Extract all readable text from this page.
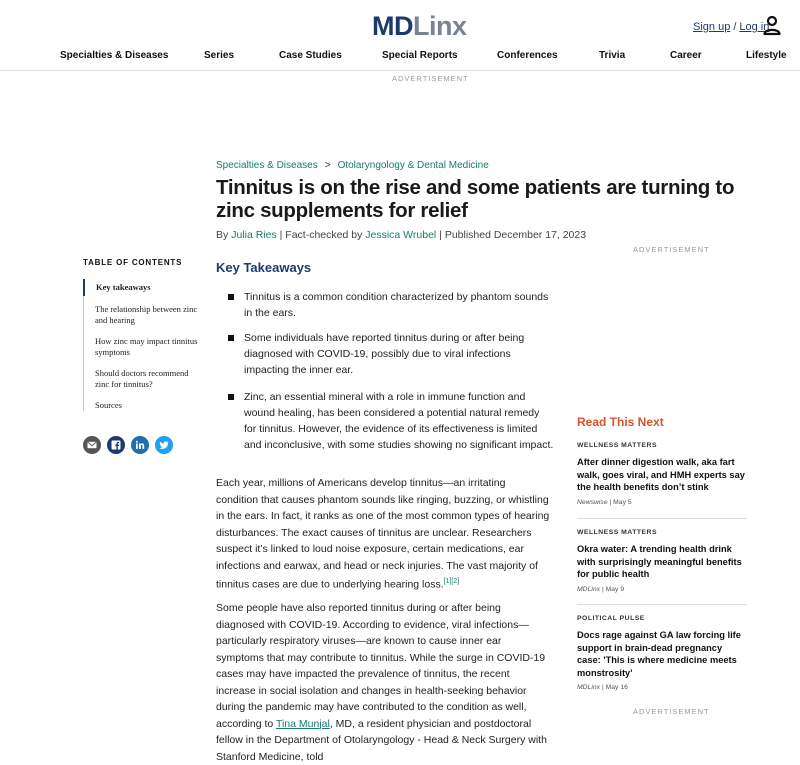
MDLinx	Sign up / Log in
Specialties & Diseases	Series	Case Studies	Special Reports	Conferences	Trivia	Career	Lifestyle
ADVERTISEMENT
Specialties & Diseases > Otolaryngology & Dental Medicine
Tinnitus is on the rise and some patients are turning to zinc supplements for relief
By Julia Ries | Fact-checked by Jessica Wrubel | Published December 17, 2023
ADVERTISEMENT
TABLE OF CONTENTS
Key takeaways
The relationship between zinc and hearing
How zinc may impact tinnitus symptoms
Should doctors recommend zinc for tinnitus?
Sources
Key Takeaways
Tinnitus is a common condition characterized by phantom sounds in the ears.
Some individuals have reported tinnitus during or after being diagnosed with COVID-19, possibly due to viral infections impacting the inner ear.
Zinc, an essential mineral with a role in immune function and wound healing, has been considered a potential natural remedy for tinnitus. However, the evidence of its effectiveness is limited and inconclusive, with some studies showing no significant impact.

Each year, millions of Americans develop tinnitus—an irritating condition that causes phantom sounds like ringing, buzzing, or whistling in the ears. In fact, it ranks as one of the most common types of hearing disturbances. The exact causes of tinnitus are unclear. Researchers suspect it’s linked to loud noise exposure, certain medications, ear infections and earwax, and head or neck injuries. The vast majority of tinnitus cases are due to underlying hearing loss.[1][2]

Some people have also reported tinnitus during or after being diagnosed with COVID-19. According to evidence, viral infections—particularly respiratory viruses—are known to cause inner ear symptoms that may contribute to tinnitus. While the surge in COVID-19 cases may have impacted the prevalence of tinnitus, the recent increase in social isolation and changes in health-seeking behavior during the pandemic may have contributed to the condition as well, according to Tina Munjal, MD, a resident physician and postdoctoral fellow in the Department of Otolaryngology - Head & Neck Surgery with Stanford Medicine, told

Read This Next
WELLNESS MATTERS
After dinner digestion walk, aka fart walk, goes viral, and HMH experts say the health benefits don’t stink
Newswise | May 5
WELLNESS MATTERS
Okra water: A trending health drink with surprisingly meaningful benefits for public health
MDLinx | May 9
POLITICAL PULSE
Docs rage against GA law forcing life support in brain-dead pregnancy case: 'This is where medicine meets monstrosity'
MDLinx | May 16
ADVERTISEMENT
